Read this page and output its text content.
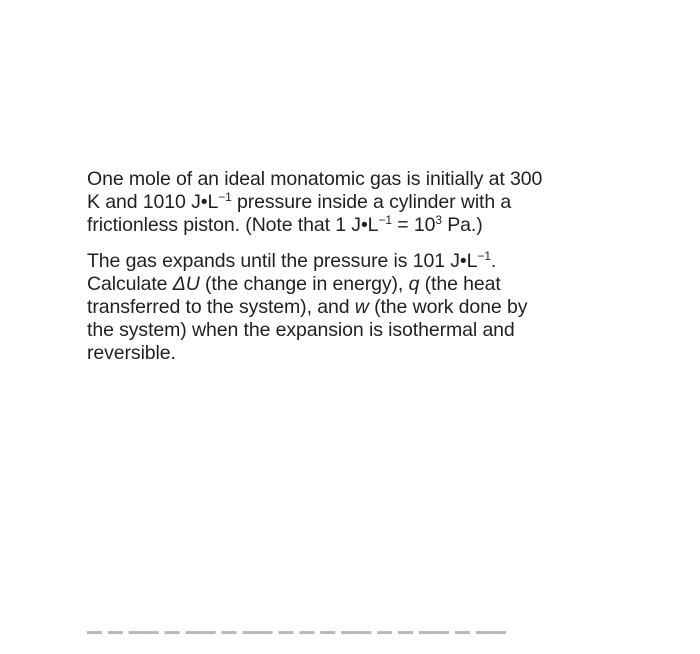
One mole of an ideal monatomic gas is initially at 300
K and 1010 $J•L^{-1}$ pressure inside a cylinder with a
frictionless piston. (Note that 1 $J•L^{-1} = 10^3$ Pa.)

The gas expands until the pressure is 101 $J•L^{-1}$.
Calculate ΔU (the change in energy), q (the heat
transferred to the system), and w (the work done by
the system) when the expansion is isothermal and
reversible.

▔ ▔ ▔▔ ▔ ▔▔ ▔ ▔▔ ▔ ▔ ▔ ▔▔ ▔ ▔ ▔▔ ▔ ▔▔
